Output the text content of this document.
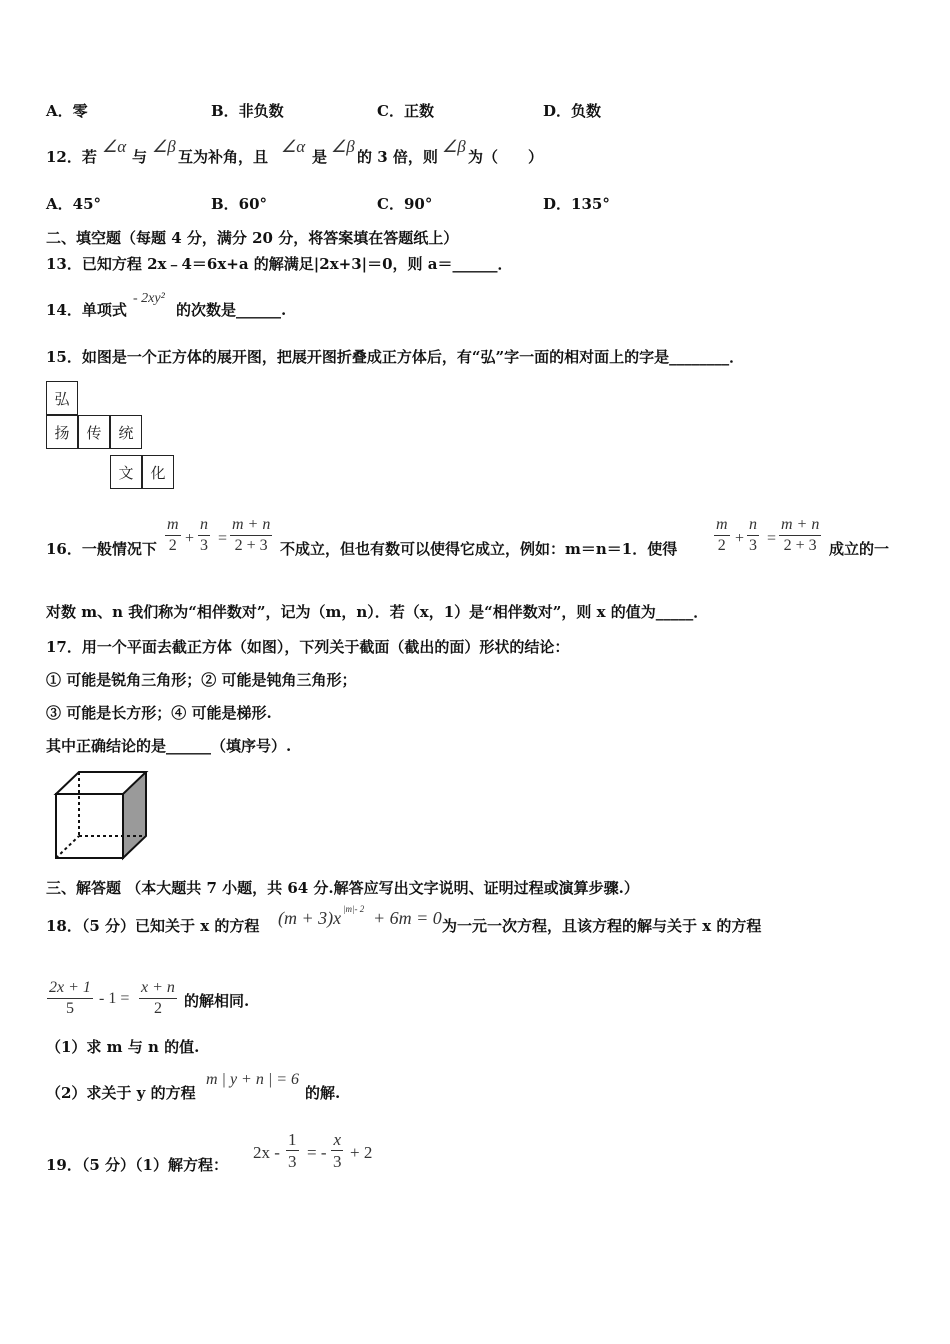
A．零	B．非负数	C．正数	D．负数
12．若
∠α
与
∠β
互为补角，且
∠α
是
∠β
的 3 倍，则
∠β
为（　　）
A．45°	B．60°	C．90°	D．135°
二、填空题（每题 4 分，满分 20 分，将答案填在答题纸上）
13．已知方程 2x﹣4＝6x+a 的解满足|2x+3|＝0，则 a＝______．
14．单项式
- 2xy²
的次数是______.
15．如图是一个正方体的展开图，把展开图折叠成正方体后，有“弘”字一面的相对面上的字是________．
弘
扬	传	统
文	化
16．一般情况下 $\frac{m}{2} + \frac{n}{3} = \frac{m + n}{2 + 3}$ 不成立，但也有数可以使得它成立，例如：m＝n＝1．使得 $\frac{m}{2} + \frac{n}{3} = \frac{m + n}{2 + 3}$ 成立的一
对数 m、n 我们称为“相伴数对”，记为（m，n）．若（x，1）是“相伴数对”，则 x 的值为_____．
17．用一个平面去截正方体（如图），下列关于截面（截出的面）形状的结论：
① 可能是锐角三角形；② 可能是钝角三角形；
③ 可能是长方形；④ 可能是梯形.
其中正确结论的是______（填序号）.
三、解答题 （本大题共 7 小题，共 64 分.解答应写出文字说明、证明过程或演算步骤.）
18．（5 分）已知关于 x 的方程 (m + 3)x |m|- 2 + 6m = 0 为一元一次方程，且该方程的解与关于 x 的方程
$\frac{2x + 1}{5} - 1 = \frac{x + n}{2}$ 的解相同.
（1）求 m 与 n 的值.
（2）求关于 y 的方程
m | y + n | = 6
的解.
19．（5 分）（1）解方程：
$2x - \frac{1}{3}$ = - $\frac{x}{3} + 2$
